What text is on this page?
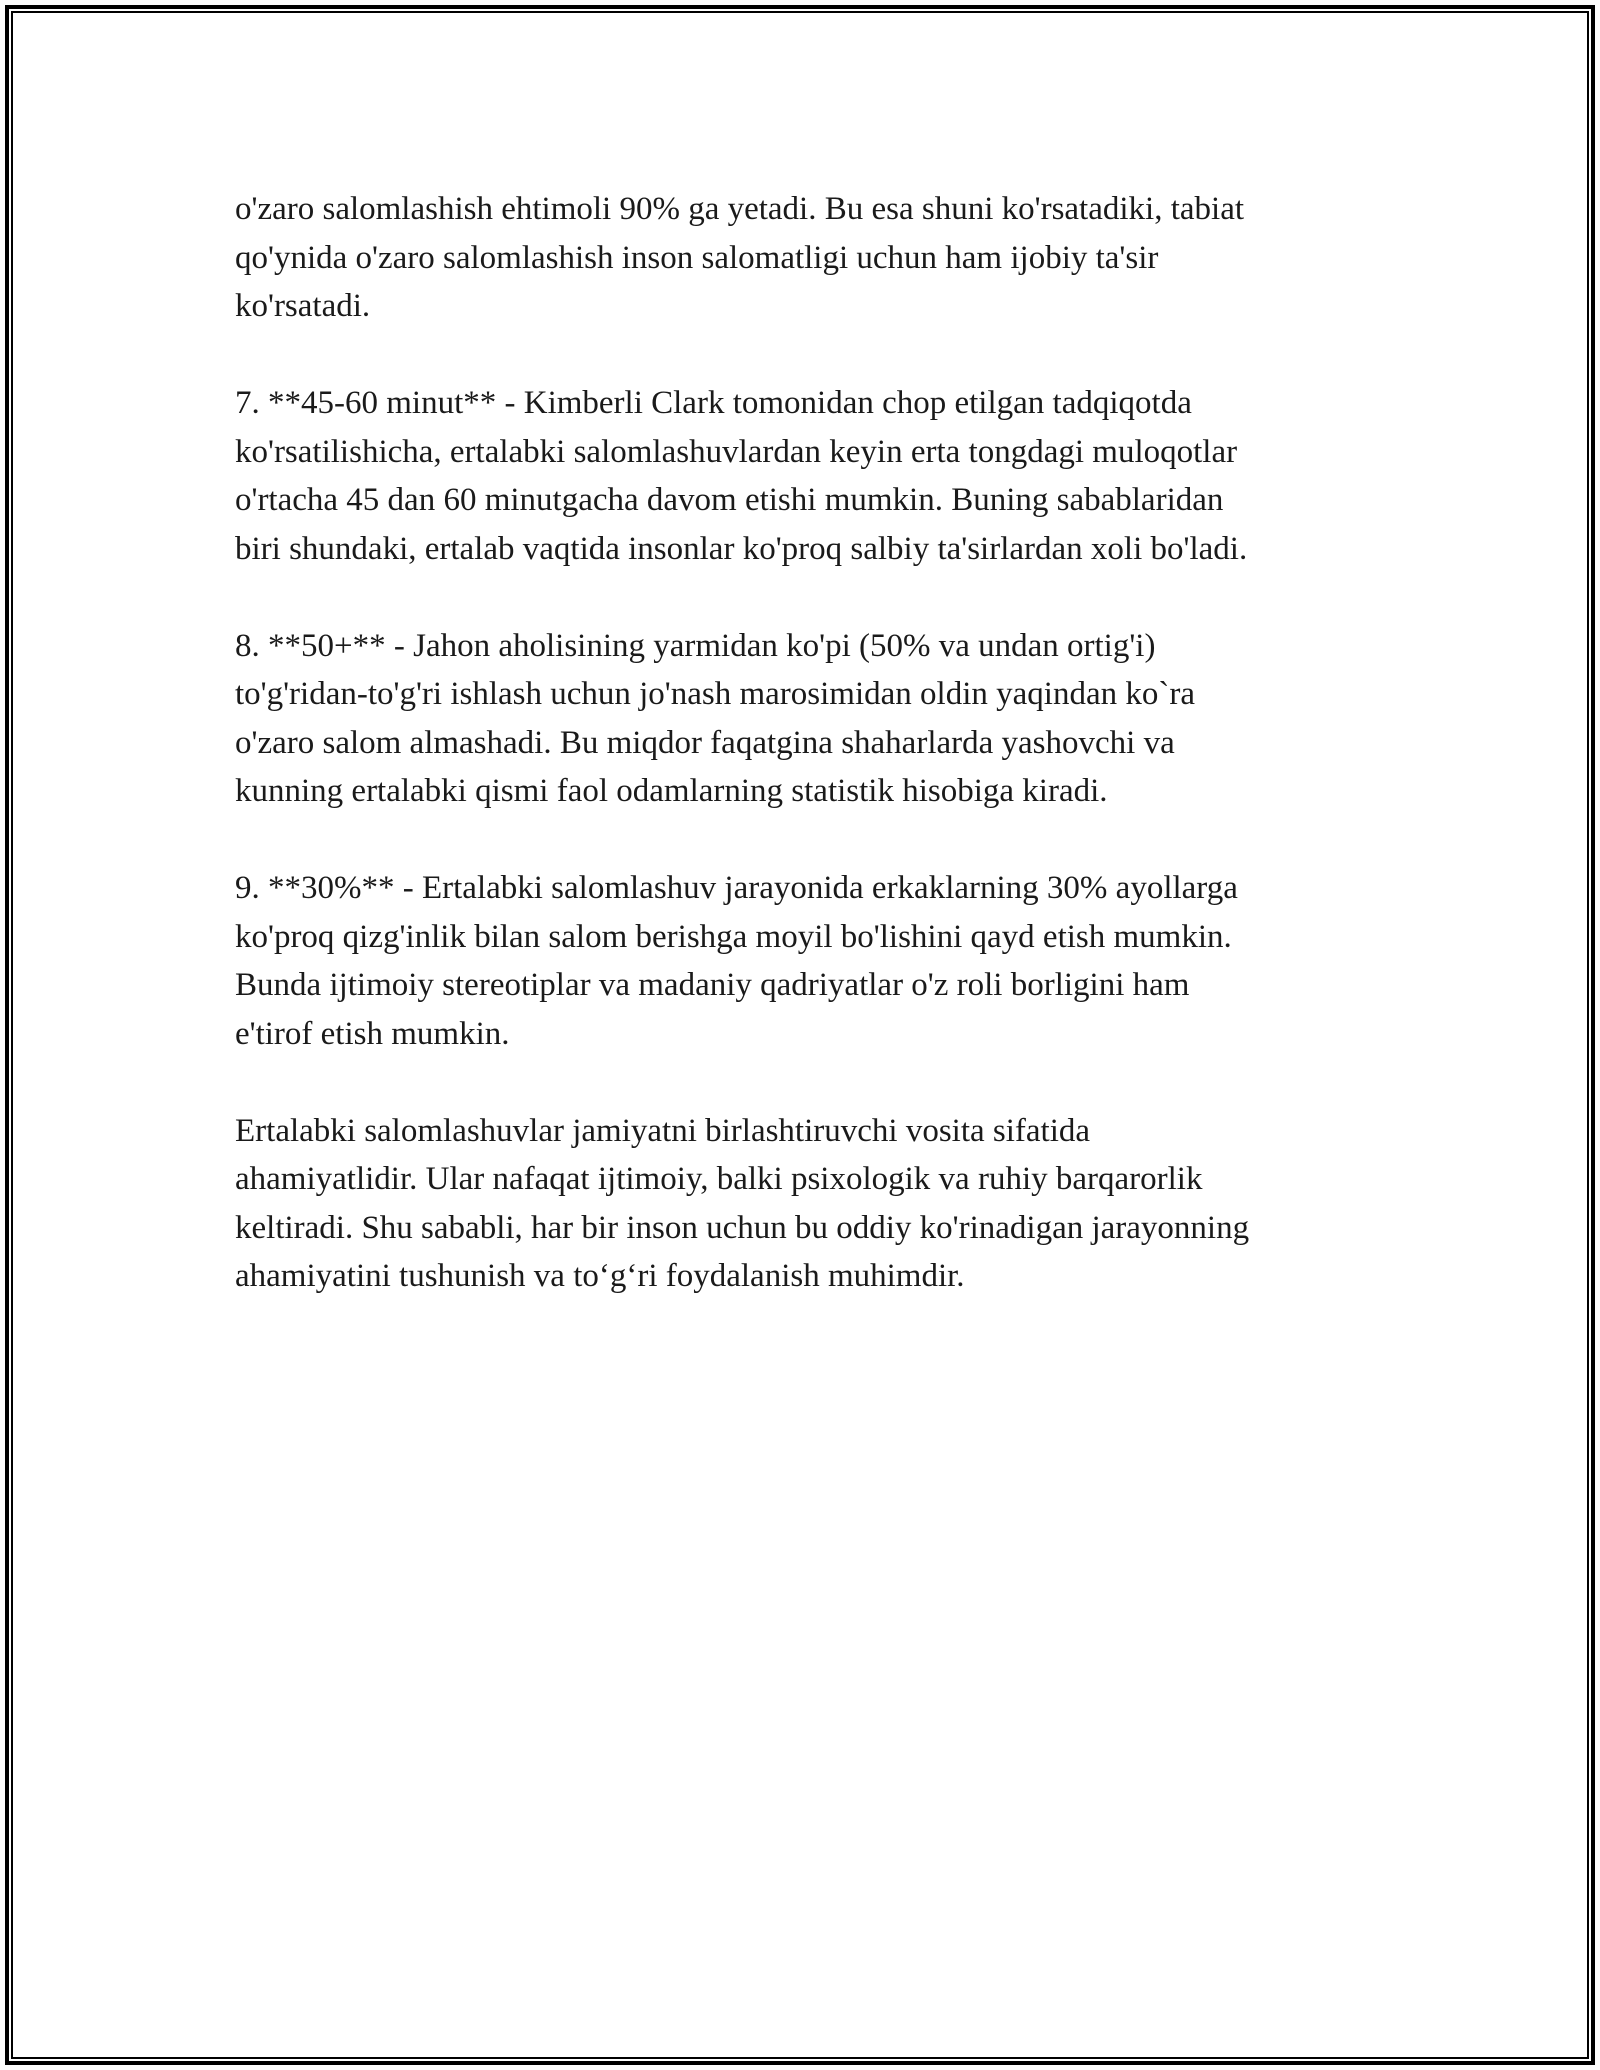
o'zaro salomlashish ehtimoli 90% ga yetadi. Bu esa shuni ko'rsatadiki, tabiat
qo'ynida o'zaro salomlashish inson salomatligi uchun ham ijobiy ta'sir
ko'rsatadi.

7. **45-60 minut** - Kimberli Clark tomonidan chop etilgan tadqiqotda
ko'rsatilishicha, ertalabki salomlashuvlardan keyin erta tongdagi muloqotlar
o'rtacha 45 dan 60 minutgacha davom etishi mumkin. Buning sabablaridan
biri shundaki, ertalab vaqtida insonlar ko'proq salbiy ta'sirlardan xoli bo'ladi.

8. **50+** - Jahon aholisining yarmidan ko'pi (50% va undan ortig'i)
to'g'ridan-to'g'ri ishlash uchun jo'nash marosimidan oldin yaqindan ko`ra
o'zaro salom almashadi. Bu miqdor faqatgina shaharlarda yashovchi va
kunning ertalabki qismi faol odamlarning statistik hisobiga kiradi.

9. **30%** - Ertalabki salomlashuv jarayonida erkaklarning 30% ayollarga
ko'proq qizg'inlik bilan salom berishga moyil bo'lishini qayd etish mumkin.
Bunda ijtimoiy stereotiplar va madaniy qadriyatlar o'z roli borligini ham
e'tirof etish mumkin.

Ertalabki salomlashuvlar jamiyatni birlashtiruvchi vosita sifatida
ahamiyatlidir. Ular nafaqat ijtimoiy, balki psixologik va ruhiy barqarorlik
keltiradi. Shu sababli, har bir inson uchun bu oddiy ko'rinadigan jarayonning
ahamiyatini tushunish va to‘g‘ri foydalanish muhimdir.
